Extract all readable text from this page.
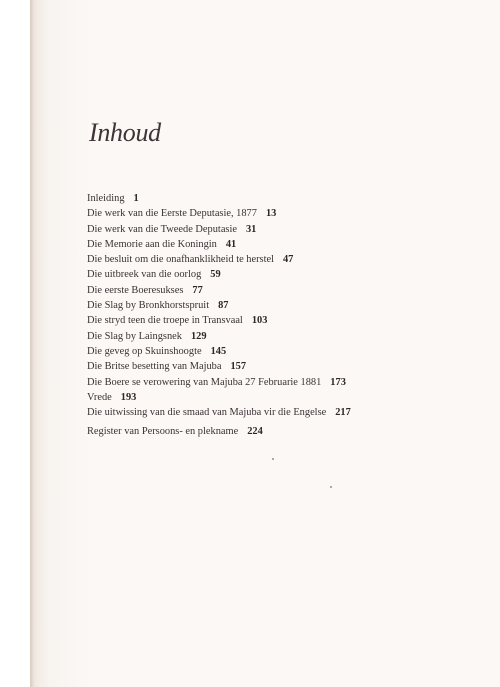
Inhoud
Inleiding 1
Die werk van die Eerste Deputasie, 1877 13
Die werk van die Tweede Deputasie 31
Die Memorie aan die Koningin 41
Die besluit om die onafhanklikheid te herstel 47
Die uitbreek van die oorlog 59
Die eerste Boeresukses 77
Die Slag by Bronkhorstspruit 87
Die stryd teen die troepe in Transvaal 103
Die Slag by Laingsnek 129
Die geveg op Skuinshoogte 145
Die Britse besetting van Majuba 157
Die Boere se verowering van Majuba 27 Februarie 1881 173
Vrede 193
Die uitwissing van die smaad van Majuba vir die Engelse 217
Register van Persoons- en plekname 224
